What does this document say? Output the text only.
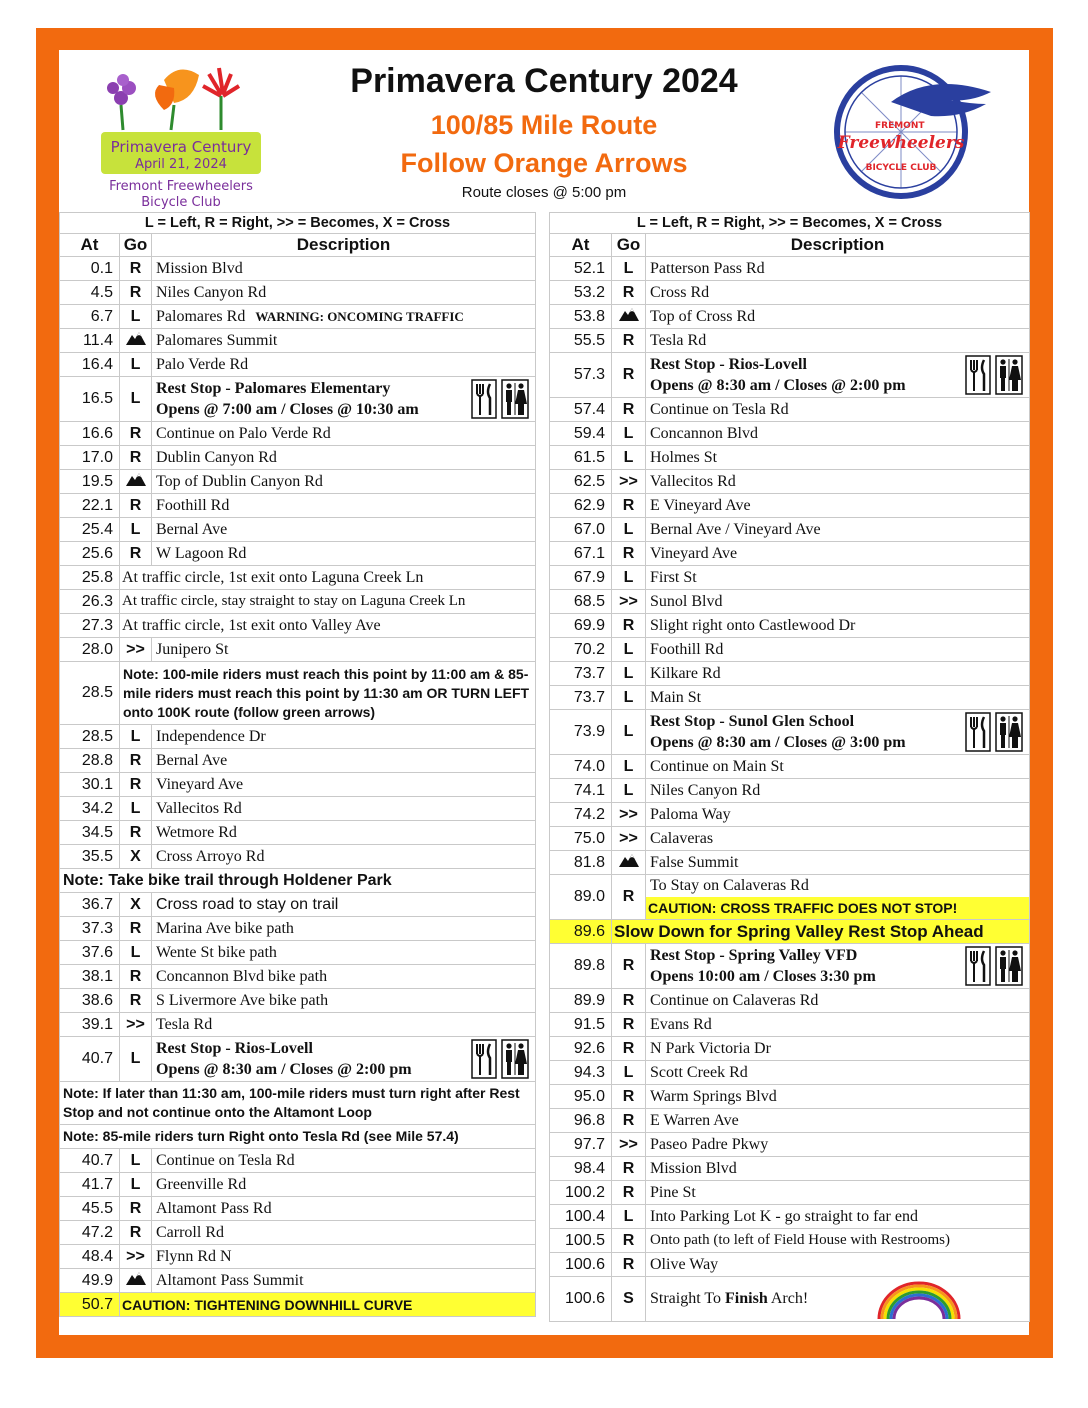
Primavera Century
April 21, 2024
Fremont Freewheelers
Bicycle Club
Primavera Century 2024
100/85 Mile Route
Follow Orange Arrows
Route closes @ 5:00 pm
FREMONT
Freewheelers
BICYCLE CLUB
L = Left, R = Right, >> = Becomes, X = Cross		
At	Go	Description
0.1	R	Mission Blvd
4.5	R	Niles Canyon Rd
6.7	L	Palomares Rd WARNING: ONCOMING TRAFFIC
11.4		Palomares Summit
16.4	L	Palo Verde Rd
16.5	L	Rest Stop - Palomares Elementary
Opens @ 7:00 am / Closes @ 10:30 am

16.6	R	Continue on Palo Verde Rd
17.0	R	Dublin Canyon Rd
19.5		Top of Dublin Canyon Rd
22.1	R	Foothill Rd
25.4	L	Bernal Ave
25.6	R	W Lagoon Rd
25.8	At traffic circle, 1st exit onto Laguna Creek Ln	
26.3	At traffic circle, stay straight to stay on Laguna Creek Ln	
27.3	At traffic circle, 1st exit onto Valley Ave	
28.0	>>	Junipero St
28.5	Note: 100-mile riders must reach this point by 11:00 am & 85-mile riders must reach this point by 11:30 am OR TURN LEFT onto 100K route (follow green arrows)	
28.5	L	Independence Dr
28.8	R	Bernal Ave
30.1	R	Vineyard Ave
34.2	L	Vallecitos Rd
34.5	R	Wetmore Rd
35.5	X	Cross Arroyo Rd
Note: Take bike trail through Holdener Park		
36.7	X	Cross road to stay on trail
37.3	R	Marina Ave bike path
37.6	L	Wente St bike path
38.1	R	Concannon Blvd bike path
38.6	R	S Livermore Ave bike path
39.1	>>	Tesla Rd
40.7	L	Rest Stop - Rios-Lovell
Opens @ 8:30 am / Closes @ 2:00 pm

Note: If later than 11:30 am, 100-mile riders must turn right after Rest Stop and not continue onto the Altamont Loop		
Note: 85-mile riders turn Right onto Tesla Rd (see Mile 57.4)		
40.7	L	Continue on Tesla Rd
41.7	L	Greenville Rd
45.5	R	Altamont Pass Rd
47.2	R	Carroll Rd
48.4	>>	Flynn Rd N
49.9		Altamont Pass Summit
50.7	CAUTION: TIGHTENING DOWNHILL CURVE	
L = Left, R = Right, >> = Becomes, X = Cross		
At	Go	Description
52.1	L	Patterson Pass Rd
53.2	R	Cross Rd
53.8		Top of Cross Rd
55.5	R	Tesla Rd
57.3	R	Rest Stop - Rios-Lovell
Opens @ 8:30 am / Closes @ 2:00 pm

57.4	R	Continue on Tesla Rd
59.4	L	Concannon Blvd
61.5	L	Holmes St
62.5	>>	Vallecitos Rd
62.9	R	E Vineyard Ave
67.0	L	Bernal Ave / Vineyard Ave
67.1	R	Vineyard Ave
67.9	L	First St
68.5	>>	Sunol Blvd
69.9	R	Slight right onto Castlewood Dr
70.2	L	Foothill Rd
73.7	L	Kilkare Rd
73.7	L	Main St
73.9	L	Rest Stop - Sunol Glen School
Opens @ 8:30 am / Closes @ 3:00 pm

74.0	L	Continue on Main St
74.1	L	Niles Canyon Rd
74.2	>>	Paloma Way
75.0	>>	Calaveras
81.8		False Summit
89.0	R	To Stay on Calaveras Rd
CAUTION: CROSS TRAFFIC DOES NOT STOP!

89.6	Slow Down for Spring Valley Rest Stop Ahead	
89.8	R	Rest Stop - Spring Valley VFD
Opens 10:00 am / Closes 3:30 pm

89.9	R	Continue on Calaveras Rd
91.5	R	Evans Rd
92.6	R	N Park Victoria Dr
94.3	L	Scott Creek Rd
95.0	R	Warm Springs Blvd
96.8	R	E Warren Ave
97.7	>>	Paseo Padre Pkwy
98.4	R	Mission Blvd
100.2	R	Pine St
100.4	L	Into Parking Lot K - go straight to far end
100.5	R	Onto path (to left of Field House with Restrooms)
100.6	R	Olive Way
100.6	S	Straight To Finish Arch!
